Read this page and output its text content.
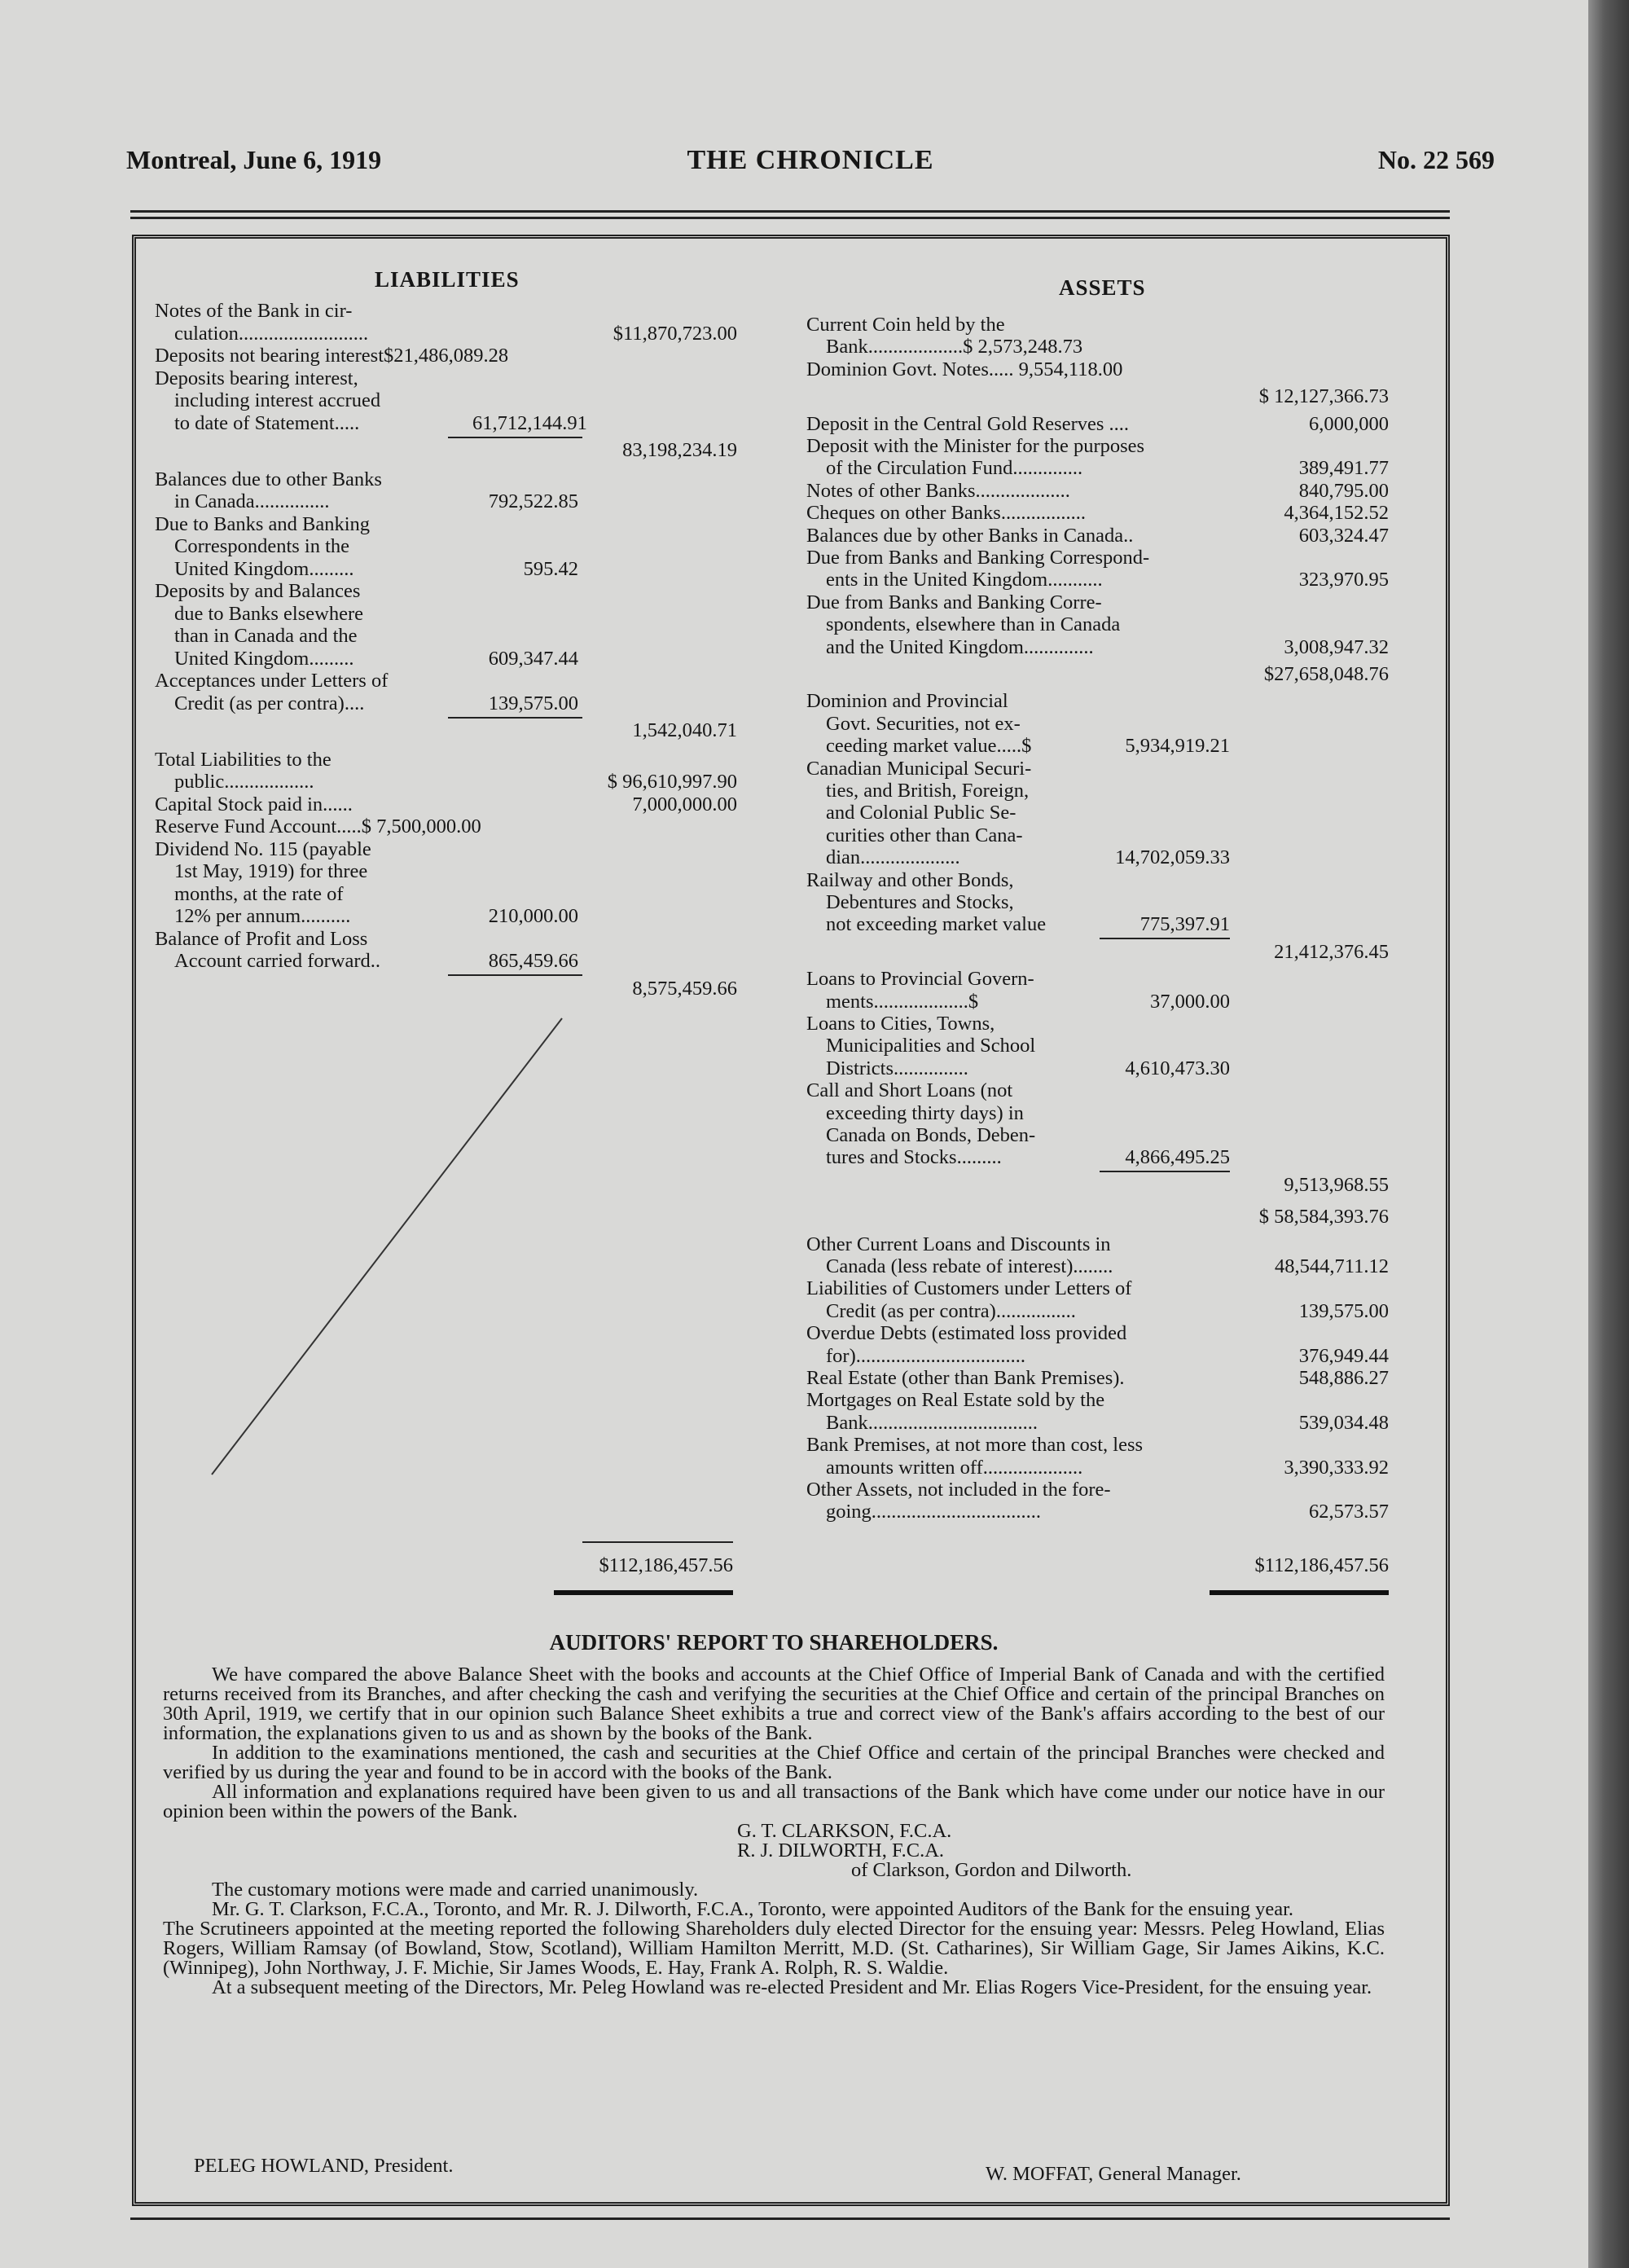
Montreal, June 6, 1919	THE CHRONICLE	No. 22 569
LIABILITIES
Notes of the Bank in cir-
culation..........................	$11,870,723.00
Deposits not bearing interest$21,486,089.28
Deposits bearing interest,
including interest accrued
to date of Statement.....	61,712,144.91
83,198,234.19
Balances due to other Banks
in Canada...............	792,522.85
Due to Banks and Banking
Correspondents in the
United Kingdom.........	595.42
Deposits by and Balances
due to Banks elsewhere
than in Canada and the
United Kingdom.........	609,347.44
Acceptances under Letters of
Credit (as per contra)....	139,575.00
1,542,040.71
Total Liabilities to the
public..................	$ 96,610,997.90
Capital Stock paid in......	7,000,000.00
Reserve Fund Account.....$ 7,500,000.00
Dividend No. 115 (payable
1st May, 1919) for three
months, at the rate of
12% per annum..........	210,000.00
Balance of Profit and Loss
Account carried forward..	865,459.66
8,575,459.66
ASSETS
Current Coin held by the
Bank...................$ 2,573,248.73
Dominion Govt. Notes..... 9,554,118.00
$ 12,127,366.73
Deposit in the Central Gold Reserves ....	6,000,000
Deposit with the Minister for the purposes
of the Circulation Fund..............	389,491.77
Notes of other Banks...................	840,795.00
Cheques on other Banks.................	4,364,152.52
Balances due by other Banks in Canada..	603,324.47
Due from Banks and Banking Correspond-
ents in the United Kingdom...........	323,970.95
Due from Banks and Banking Corre-
spondents, elsewhere than in Canada
and the United Kingdom..............	3,008,947.32
$27,658,048.76
Dominion and Provincial
Govt. Securities, not ex-
ceeding market value.....$	5,934,919.21
Canadian Municipal Securi-
ties, and British, Foreign,
and Colonial Public Se-
curities other than Cana-
dian....................	14,702,059.33
Railway and other Bonds,
Debentures and Stocks,
not exceeding market value	775,397.91
21,412,376.45
Loans to Provincial Govern-
ments...................$	37,000.00
Loans to Cities, Towns,
Municipalities and School
Districts...............	4,610,473.30
Call and Short Loans (not
exceeding thirty days) in
Canada on Bonds, Deben-
tures and Stocks.........	4,866,495.25
9,513,968.55
$ 58,584,393.76
Other Current Loans and Discounts in
Canada (less rebate of interest)........	48,544,711.12
Liabilities of Customers under Letters of
Credit (as per contra)................	139,575.00
Overdue Debts (estimated loss provided
for)..................................	376,949.44
Real Estate (other than Bank Premises).	548,886.27
Mortgages on Real Estate sold by the
Bank..................................	539,034.48
Bank Premises, at not more than cost, less
amounts written off....................	3,390,333.92
Other Assets, not included in the fore-
going..................................	62,573.57
$112,186,457.56	$112,186,457.56
AUDITORS' REPORT TO SHAREHOLDERS.

We have compared the above Balance Sheet with the books and accounts at the Chief Office of Imperial Bank of Canada and with the certified returns received from its Branches, and after checking the cash and verifying the securities at the Chief Office and certain of the principal Branches on 30th April, 1919, we certify that in our opinion such Balance Sheet exhibits a true and correct view of the Bank's affairs according to the best of our information, the explanations given to us and as shown by the books of the Bank.

In addition to the examinations mentioned, the cash and securities at the Chief Office and certain of the principal Branches were checked and verified by us during the year and found to be in accord with the books of the Bank.

All information and explanations required have been given to us and all transactions of the Bank which have come under our notice have in our opinion been within the powers of the Bank.

G. T. CLARKSON, F.C.A.
R. J. DILWORTH, F.C.A.
of Clarkson, Gordon and Dilworth.

The customary motions were made and carried unanimously.

Mr. G. T. Clarkson, F.C.A., Toronto, and Mr. R. J. Dilworth, F.C.A., Toronto, were appointed Auditors of the Bank for the ensuing year.

The Scrutineers appointed at the meeting reported the following Shareholders duly elected Director for the ensuing year: Messrs. Peleg Howland, Elias Rogers, William Ramsay (of Bowland, Stow, Scotland), William Hamilton Merritt, M.D. (St. Catharines), Sir William Gage, Sir James Aikins, K.C. (Winnipeg), John Northway, J. F. Michie, Sir James Woods, E. Hay, Frank A. Rolph, R. S. Waldie.

At a subsequent meeting of the Directors, Mr. Peleg Howland was re-elected President and Mr. Elias Rogers Vice-President, for the ensuing year.

PELEG HOWLAND, President.	W. MOFFAT, General Manager.
